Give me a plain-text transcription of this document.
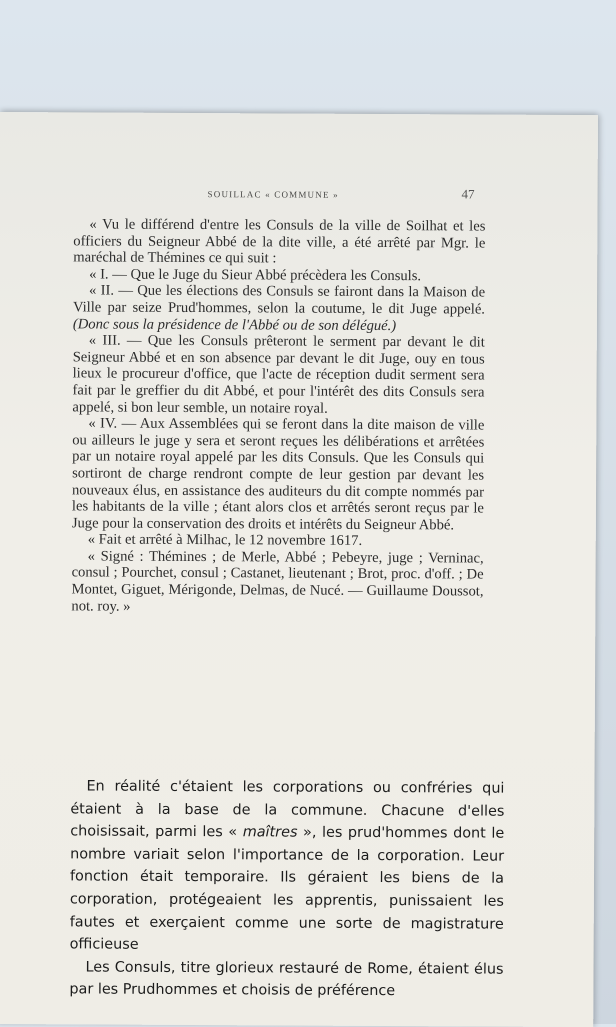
SOUILLAC « COMMUNE »	47

« Vu le différend d'entre les Consuls de la ville de Soilhat et les officiers du Seigneur Abbé de la dite ville, a été arrêté par Mgr. le maréchal de Thémines ce qui suit :

« I. — Que le Juge du Sieur Abbé précèdera les Consuls.

« II. — Que les élections des Consuls se fairont dans la Maison de Ville par seize Prud'hommes, selon la coutume, le dit Juge appelé. (Donc sous la présidence de l'Abbé ou de son délégué.)

« III. — Que les Consuls prêteront le serment par devant le dit Seigneur Abbé et en son absence par devant le dit Juge, ouy en tous lieux le procureur d'office, que l'acte de réception dudit serment sera fait par le greffier du dit Abbé, et pour l'intérêt des dits Consuls sera appelé, si bon leur semble, un notaire royal.

« IV. — Aux Assemblées qui se feront dans la dite maison de ville ou ailleurs le juge y sera et seront reçues les délibérations et arrêtées par un notaire royal appelé par les dits Consuls. Que les Consuls qui sortiront de charge rendront compte de leur gestion par devant les nouveaux élus, en assistance des auditeurs du dit compte nommés par les habitants de la ville ; étant alors clos et arrêtés seront reçus par le Juge pour la conservation des droits et intérêts du Seigneur Abbé.

« Fait et arrêté à Milhac, le 12 novembre 1617.

« Signé : Thémines ; de Merle, Abbé ; Pebeyre, juge ; Verninac, consul ; Pourchet, consul ; Castanet, lieutenant ; Brot, proc. d'off. ; De Montet, Giguet, Mérigonde, Delmas, de Nucé. — Guillaume Doussot, not. roy. »

En réalité c'étaient les corporations ou confréries qui étaient à la base de la commune. Chacune d'elles choisissait, parmi les « maîtres », les prud'hommes dont le nombre variait selon l'importance de la corporation. Leur fonction était temporaire. Ils géraient les biens de la corporation, protégeaient les apprentis, punissaient les fautes et exerçaient comme une sorte de magistrature officieuse

Les Consuls, titre glorieux restauré de Rome, étaient élus par les Prudhommes et choisis de préférence
